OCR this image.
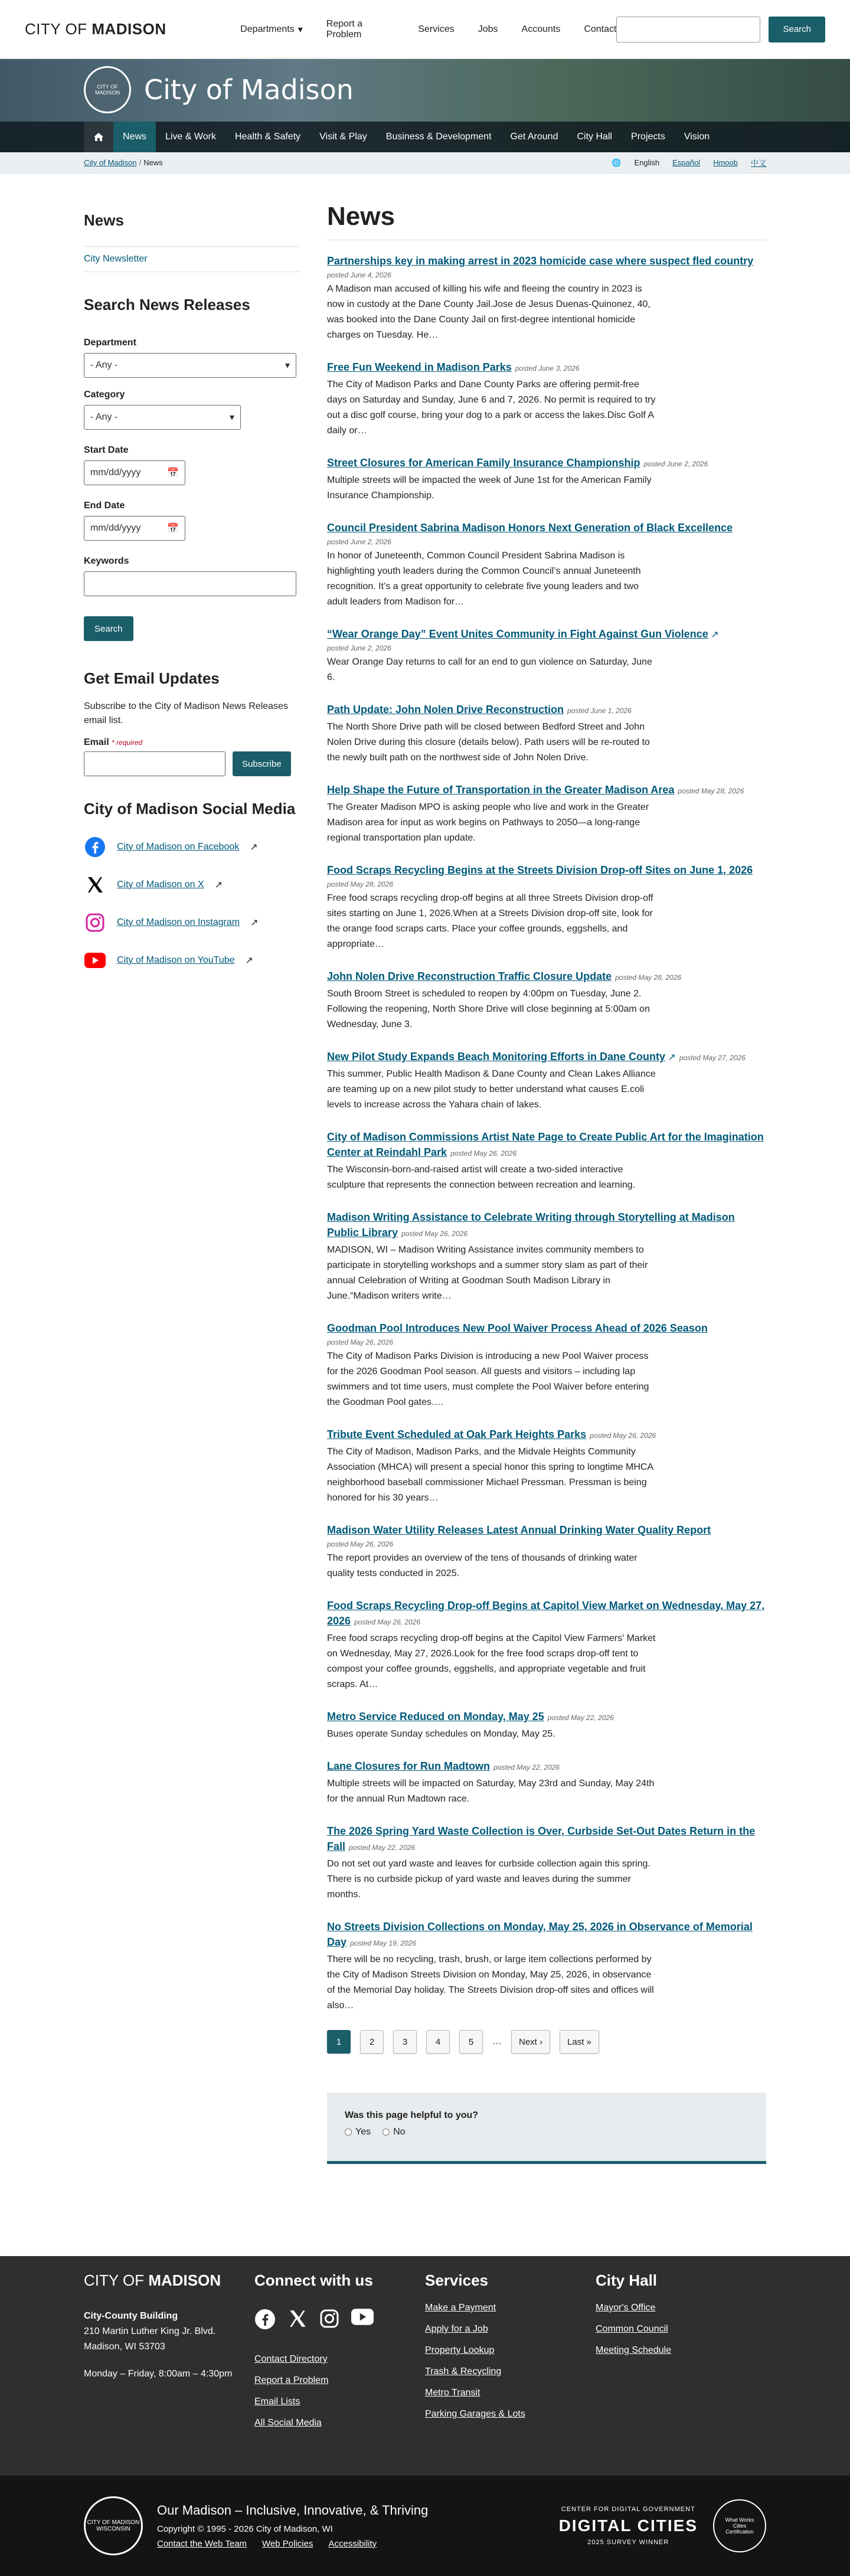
CITY OF MADISON	Departments ▾
Report a Problem
Services	Jobs	Accounts	Contact	Search
CITY OF MADISON City of Madison
News	Live & Work	Health & Safety	Visit & Play	Business & Development	Get Around	City Hall	Projects	Vision
City of Madison / News	🌐 English Español Hmoob 中文
News
City Newsletter
Search News Releases
Department
- Any -	▾
Category
- Any -	▾
Start Date
mm/dd/yyyy	📅
End Date
mm/dd/yyyy	📅
Keywords
Search
Get Email Updates

Subscribe to the City of Madison News Releases email list.

Email * required
Subscribe
City of Madison Social Media
City of Madison on Facebook ↗
City of Madison on X ↗
City of Madison on Instagram ↗
City of Madison on YouTube ↗
News
Partnerships key in making arrest in 2023 homicide case where suspect fled country
posted June 4, 2026

A Madison man accused of killing his wife and fleeing the country in 2023 is now in custody at the Dane County Jail.Jose de Jesus Duenas-Quinonez, 40, was booked into the Dane County Jail on first-degree intentional homicide charges on Tuesday. He…

Free Fun Weekend in Madison Parks posted June 3, 2026

The City of Madison Parks and Dane County Parks are offering permit-free days on Saturday and Sunday, June 6 and 7, 2026. No permit is required to try out a disc golf course, bring your dog to a park or access the lakes.Disc Golf A daily or…

Street Closures for American Family Insurance Championship posted June 2, 2026

Multiple streets will be impacted the week of June 1st for the American Family Insurance Championship.

Council President Sabrina Madison Honors Next Generation of Black Excellence
posted June 2, 2026

In honor of Juneteenth, Common Council President Sabrina Madison is highlighting youth leaders during the Common Council’s annual Juneteenth recognition. It’s a great opportunity to celebrate five young leaders and two adult leaders from Madison for…

“Wear Orange Day” Event Unites Community in Fight Against Gun Violence ↗
posted June 2, 2026

Wear Orange Day returns to call for an end to gun violence on Saturday, June 6.

Path Update: John Nolen Drive Reconstruction posted June 1, 2026

The North Shore Drive path will be closed between Bedford Street and John Nolen Drive during this closure (details below). Path users will be re-routed to the newly built path on the northwest side of John Nolen Drive.

Help Shape the Future of Transportation in the Greater Madison Area posted May 28, 2026

The Greater Madison MPO is asking people who live and work in the Greater Madison area for input as work begins on Pathways to 2050—a long-range regional transportation plan update.

Food Scraps Recycling Begins at the Streets Division Drop-off Sites on June 1, 2026
posted May 28, 2026

Free food scraps recycling drop-off begins at all three Streets Division drop-off sites starting on June 1, 2026.When at a Streets Division drop-off site, look for the orange food scraps carts. Place your coffee grounds, eggshells, and appropriate…

John Nolen Drive Reconstruction Traffic Closure Update posted May 28, 2026

South Broom Street is scheduled to reopen by 4:00pm on Tuesday, June 2. Following the reopening, North Shore Drive will close beginning at 5:00am on Wednesday, June 3.

New Pilot Study Expands Beach Monitoring Efforts in Dane County ↗ posted May 27, 2026

This summer, Public Health Madison & Dane County and Clean Lakes Alliance are teaming up on a new pilot study to better understand what causes E.coli levels to increase across the Yahara chain of lakes.

City of Madison Commissions Artist Nate Page to Create Public Art for the Imagination Center at Reindahl Park posted May 26, 2026

The Wisconsin-born-and-raised artist will create a two-sided interactive sculpture that represents the connection between recreation and learning.

Madison Writing Assistance to Celebrate Writing through Storytelling at Madison Public Library posted May 26, 2026

MADISON, WI – Madison Writing Assistance invites community members to participate in storytelling workshops and a summer story slam as part of their annual Celebration of Writing at Goodman South Madison Library in June.“Madison writers write…

Goodman Pool Introduces New Pool Waiver Process Ahead of 2026 Season
posted May 26, 2026

The City of Madison Parks Division is introducing a new Pool Waiver process for the 2026 Goodman Pool season. All guests and visitors – including lap swimmers and tot time users, must complete the Pool Waiver before entering the Goodman Pool gates.…

Tribute Event Scheduled at Oak Park Heights Parks posted May 26, 2026

The City of Madison, Madison Parks, and the Midvale Heights Community Association (MHCA) will present a special honor this spring to longtime MHCA neighborhood baseball commissioner Michael Pressman. Pressman is being honored for his 30 years…

Madison Water Utility Releases Latest Annual Drinking Water Quality Report
posted May 26, 2026

The report provides an overview of the tens of thousands of drinking water quality tests conducted in 2025.

Food Scraps Recycling Drop-off Begins at Capitol View Market on Wednesday, May 27, 2026 posted May 26, 2026

Free food scraps recycling drop-off begins at the Capitol View Farmers' Market on Wednesday, May 27, 2026.Look for the free food scraps drop-off tent to compost your coffee grounds, eggshells, and appropriate vegetable and fruit scraps. At…

Metro Service Reduced on Monday, May 25 posted May 22, 2026

Buses operate Sunday schedules on Monday, May 25.

Lane Closures for Run Madtown posted May 22, 2026

Multiple streets will be impacted on Saturday, May 23rd and Sunday, May 24th for the annual Run Madtown race.

The 2026 Spring Yard Waste Collection is Over, Curbside Set-Out Dates Return in the Fall posted May 22, 2026

Do not set out yard waste and leaves for curbside collection again this spring. There is no curbside pickup of yard waste and leaves during the summer months.

No Streets Division Collections on Monday, May 25, 2026 in Observance of Memorial Day posted May 19, 2026

There will be no recycling, trash, brush, or large item collections performed by the City of Madison Streets Division on Monday, May 25, 2026, in observance of the Memorial Day holiday. The Streets Division drop-off sites and offices will also…

1	2	3	4	5	…	Next ›	Last »
Was this page helpful to you?
Yes No
CITY OF MADISON
City-County Building
210 Martin Luther King Jr. Blvd.
Madison, WI 53703
Monday – Friday, 8:00am – 4:30pm
Connect with us
Contact Directory
Report a Problem
Email Lists
All Social Media
Services
Make a Payment
Apply for a Job
Property Lookup
Trash & Recycling
Metro Transit
Parking Garages & Lots
City Hall
Mayor's Office
Common Council
Meeting Schedule
CITY OF MADISON WISCONSIN
Our Madison – Inclusive, Innovative, & Thriving
Copyright © 1995 - 2026 City of Madison, WI
Contact the Web Team Web Policies Accessibility
CENTER FOR DIGITAL GOVERNMENT
DIGITAL CITIES
2025 SURVEY WINNER
What Works Cities Certification
